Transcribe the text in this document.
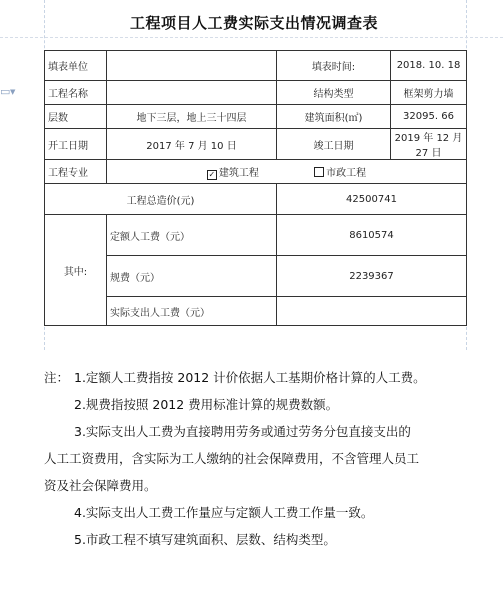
▭ ▼
工程项目人工费实际支出情况调查表
填表单位		填表时间:	2018. 10. 18
工程名称		结构类型	框架剪力墙
层数	地下三层，地上三十四层	建筑面积(㎡)	32095. 66
开工日期	2017 年 7 月 10 日	竣工日期	2019 年 12 月 27 日
工程专业	✓ 建筑工程 市政工程		
工程总造价(元)		42500741	
其中:	定额人工费（元）	8610574	
	规费（元）	2239367	
	实际支出人工费（元）		
注： 1.定额人工费指按 2012 计价依据人工基期价格计算的人工费。
2.规费指按照 2012 费用标准计算的规费数额。
3.实际支出人工费为直接聘用劳务或通过劳务分包直接支出的
人工工资费用，含实际为工人缴纳的社会保障费用，不含管理人员工
资及社会保障费用。
4.实际支出人工费工作量应与定额人工费工作量一致。
5.市政工程不填写建筑面积、层数、结构类型。
